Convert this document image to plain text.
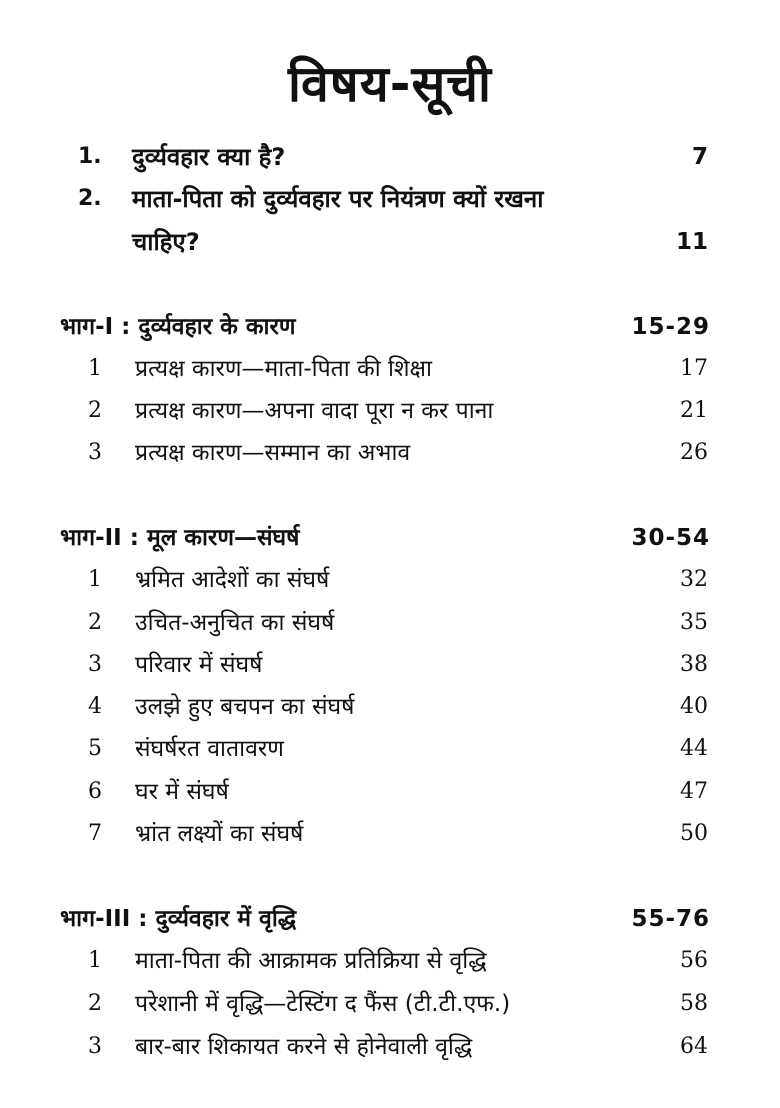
विषय-सूची
1. दुर्व्यवहार क्या है?	7
2. माता-पिता को दुर्व्यवहार पर नियंत्रण क्यों रखना
चाहिए?	11
भाग-I : दुर्व्यवहार के कारण	15-29
1 प्रत्यक्ष कारण—माता-पिता की शिक्षा	17
2 प्रत्यक्ष कारण—अपना वादा पूरा न कर पाना	21
3 प्रत्यक्ष कारण—सम्मान का अभाव	26
भाग-II : मूल कारण—संघर्ष	30-54
1 भ्रमित आदेशों का संघर्ष	32
2 उचित-अनुचित का संघर्ष	35
3 परिवार में संघर्ष	38
4 उलझे हुए बचपन का संघर्ष	40
5 संघर्षरत वातावरण	44
6 घर में संघर्ष	47
7 भ्रांत लक्ष्यों का संघर्ष	50
भाग-III : दुर्व्यवहार में वृद्धि	55-76
1 माता-पिता की आक्रामक प्रतिक्रिया से वृद्धि	56
2 परेशानी में वृद्धि—टेस्टिंग द फैंस (टी.टी.एफ.)	58
3 बार-बार शिकायत करने से होनेवाली वृद्धि	64
